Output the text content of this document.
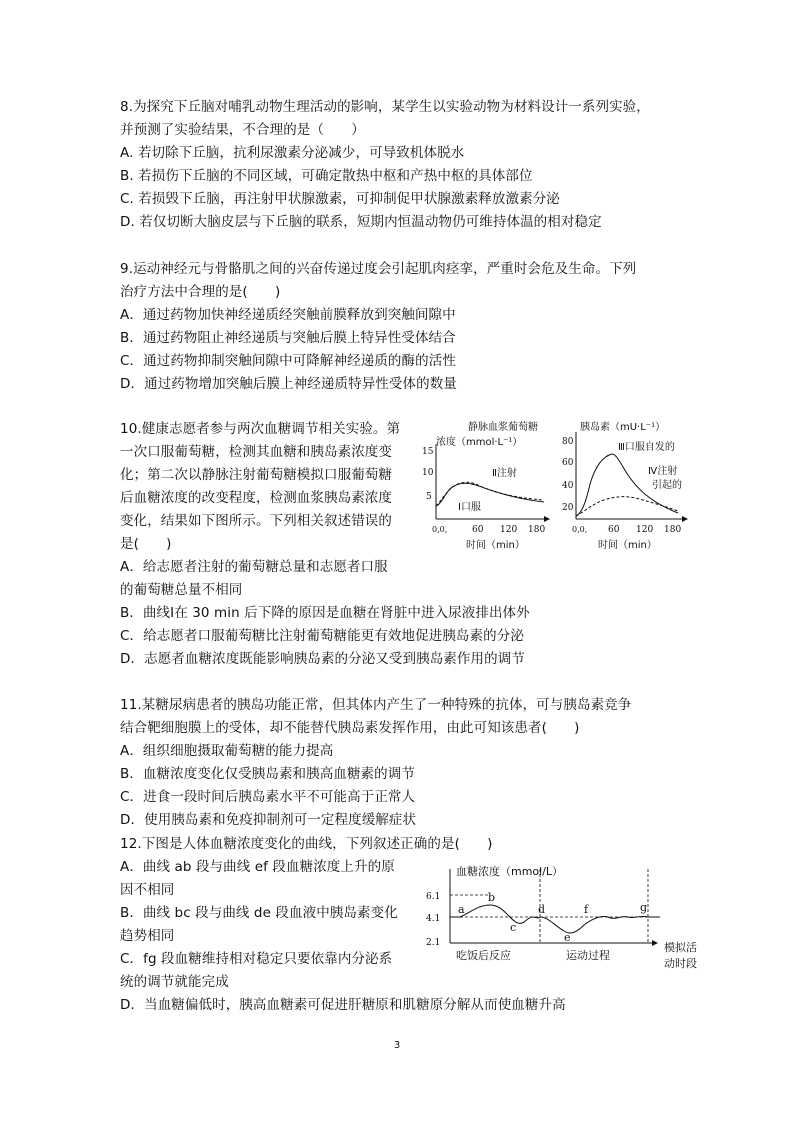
8.为探究下丘脑对哺乳动物生理活动的影响，某学生以实验动物为材料设计一系列实验，
并预测了实验结果，不合理的是（　　）
A. 若切除下丘脑，抗利尿激素分泌减少，可导致机体脱水
B. 若损伤下丘脑的不同区域，可确定散热中枢和产热中枢的具体部位
C. 若损毁下丘脑，再注射甲状腺激素，可抑制促甲状腺激素释放激素分泌
D. 若仅切断大脑皮层与下丘脑的联系，短期内恒温动物仍可维持体温的相对稳定
9.运动神经元与骨骼肌之间的兴奋传递过度会引起肌肉痉挛，严重时会危及生命。下列
治疗方法中合理的是(　　)
A．通过药物加快神经递质经突触前膜释放到突触间隙中
B．通过药物阻止神经递质与突触后膜上特异性受体结合
C．通过药物抑制突触间隙中可降解神经递质的酶的活性
D．通过药物增加突触后膜上神经递质特异性受体的数量
10.健康志愿者参与两次血糖调节相关实验。第
一次口服葡萄糖，检测其血糖和胰岛素浓度变
化；第二次以静脉注射葡萄糖模拟口服葡萄糖
后血糖浓度的改变程度，检测血浆胰岛素浓度
变化，结果如下图所示。下列相关叙述错误的
是(　　)
A．给志愿者注射的葡萄糖总量和志愿者口服
的葡萄糖总量不相同
B．曲线Ⅰ在 30 min 后下降的原因是血糖在肾脏中进入尿液排出体外
C．给志愿者口服葡萄糖比注射葡萄糖能更有效地促进胰岛素的分泌
D．志愿者血糖浓度既能影响胰岛素的分泌又受到胰岛素作用的调节
静脉血浆葡萄糖
浓度（mmol·L⁻¹）
15
10
5
Ⅱ注射
Ⅰ口服
0,0,	60 120 180
时间（min）
胰岛素（mU·L⁻¹）
80
60
40
20
Ⅲ口服自发的
Ⅳ注射
引起的
0,0, 60 120 180
时间（min）
11.某糖尿病患者的胰岛功能正常，但其体内产生了一种特殊的抗体，可与胰岛素竞争
结合靶细胞膜上的受体，却不能替代胰岛素发挥作用，由此可知该患者(　　)
A．组织细胞摄取葡萄糖的能力提高
B．血糖浓度变化仅受胰岛素和胰高血糖素的调节
C．进食一段时间后胰岛素水平不可能高于正常人
D．使用胰岛素和免疫抑制剂可一定程度缓解症状
12.下图是人体血糖浓度变化的曲线，下列叙述正确的是(　　)
A．曲线 ab 段与曲线 ef 段血糖浓度上升的原
因不相同
B．曲线 bc 段与曲线 de 段血液中胰岛素变化
趋势相同
C．fg 段血糖维持相对稳定只要依靠内分泌系
统的调节就能完成
D．当血糖偏低时，胰高血糖素可促进肝糖原和肌糖原分解从而使血糖升高
血糖浓度（mmol/L）
6.1
4.1
2.1
a
b
c
d
e
f	g
吃饭后反应	运动过程
模拟活
动时段
3
